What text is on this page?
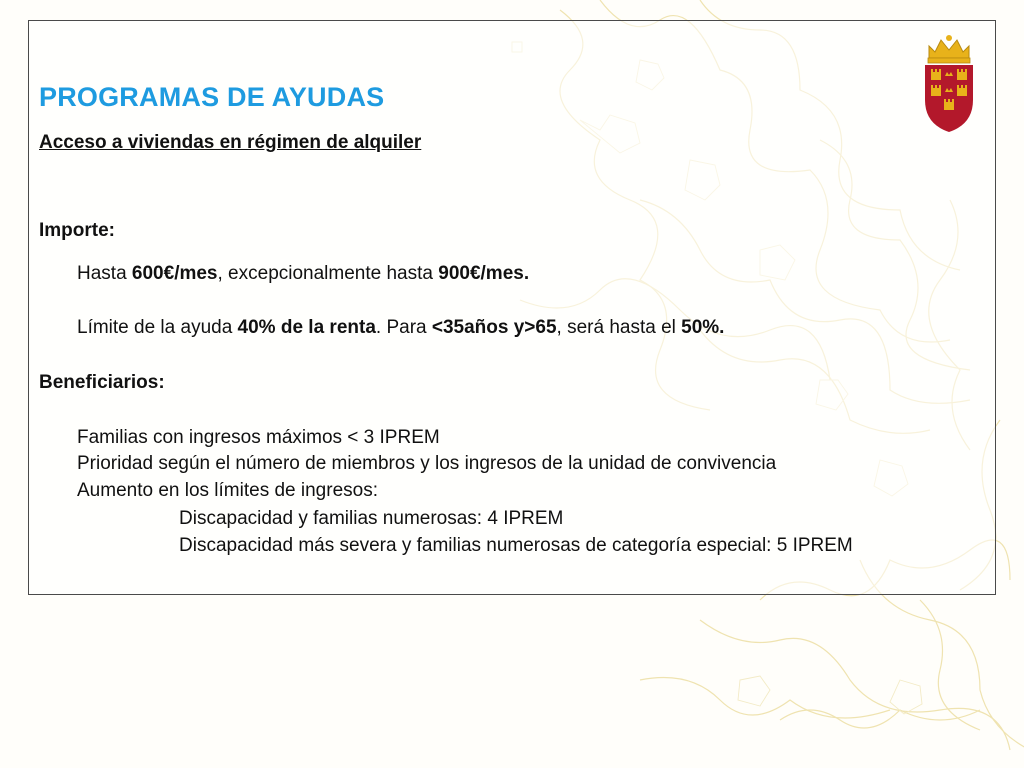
PROGRAMAS DE AYUDAS
Acceso a viviendas en régimen de alquiler
Importe:
Hasta 600€/mes, excepcionalmente hasta 900€/mes.
Límite de la ayuda 40% de la renta. Para <35años y>65, será hasta el 50%.
Beneficiarios:
Familias con ingresos máximos < 3 IPREM
Prioridad según el número de miembros y los ingresos de la unidad de convivencia
Aumento en los límites de ingresos:
Discapacidad y familias numerosas: 4 IPREM
Discapacidad más severa y familias numerosas de categoría especial: 5 IPREM
